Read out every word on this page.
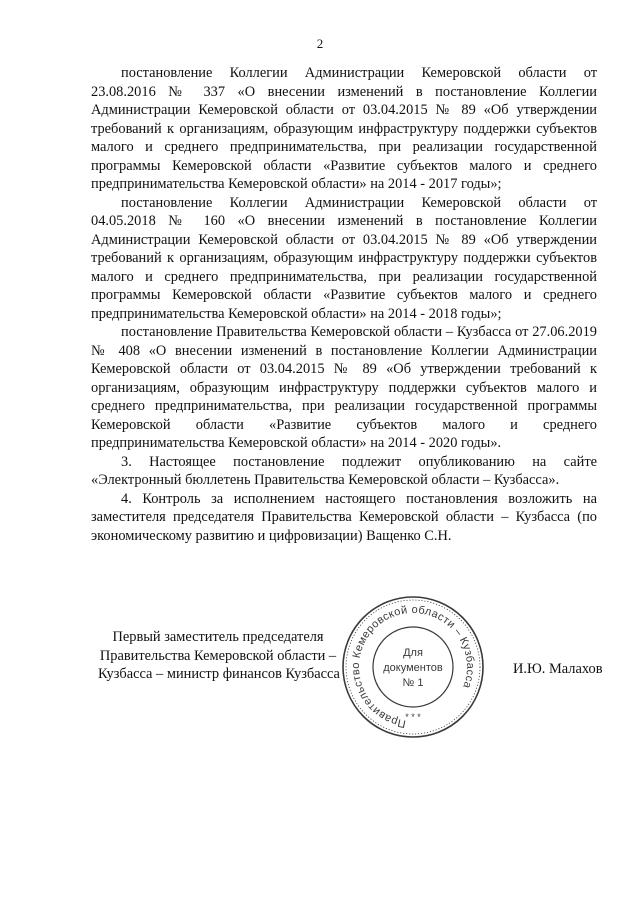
2

постановление Коллегии Администрации Кемеровской области от 23.08.2016 № 337 «О внесении изменений в постановление Коллегии Администрации Кемеровской области от 03.04.2015 № 89 «Об утверждении требований к организациям, образующим инфраструктуру поддержки субъектов малого и среднего предпринимательства, при реализации государственной программы Кемеровской области «Развитие субъектов малого и среднего предпринимательства Кемеровской области» на 2014 - 2017 годы»;

постановление Коллегии Администрации Кемеровской области от 04.05.2018 № 160 «О внесении изменений в постановление Коллегии Администрации Кемеровской области от 03.04.2015 № 89 «Об утверждении требований к организациям, образующим инфраструктуру поддержки субъектов малого и среднего предпринимательства, при реализации государственной программы Кемеровской области «Развитие субъектов малого и среднего предпринимательства Кемеровской области» на 2014 - 2018 годы»;

постановление Правительства Кемеровской области – Кузбасса от 27.06.2019 № 408 «О внесении изменений в постановление Коллегии Администрации Кемеровской области от 03.04.2015 № 89 «Об утверждении требований к организациям, образующим инфраструктуру поддержки субъектов малого и среднего предпринимательства, при реализации государственной программы Кемеровской области «Развитие субъектов малого и среднего предпринимательства Кемеровской области» на 2014 - 2020 годы».

3. Настоящее постановление подлежит опубликованию на сайте «Электронный бюллетень Правительства Кемеровской области – Кузбасса».

4. Контроль за исполнением настоящего постановления возложить на заместителя председателя Правительства Кемеровской области – Кузбасса (по экономическому развитию и цифровизации) Ващенко С.Н.

Первый заместитель председателя
Правительства Кемеровской области –
Кузбасса – министр финансов Кузбасса
Правительство Кемеровской области – Кузбасса
* * *
Для
документов
№ 1
И.Ю. Малахов
